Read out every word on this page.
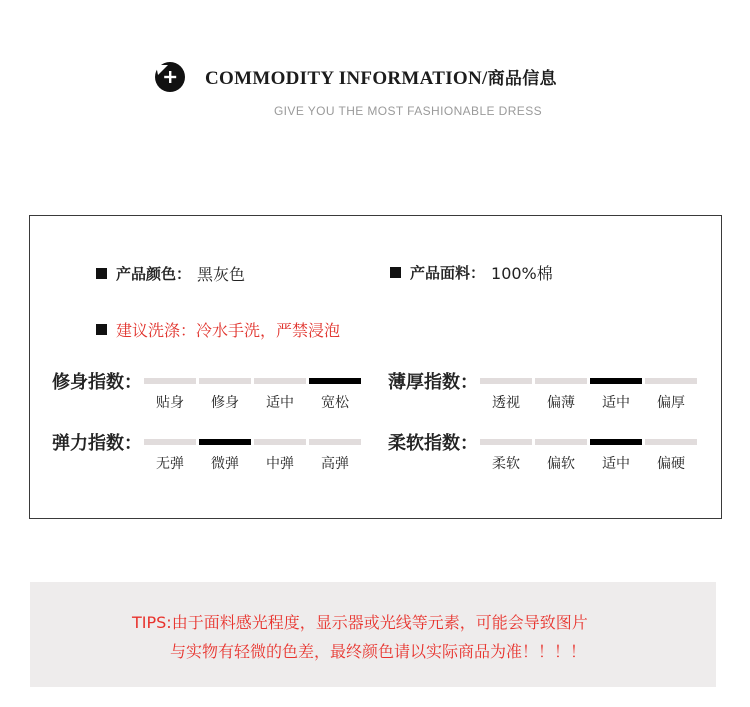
COMMODITY INFORMATION/商品信息
GIVE YOU THE MOST FASHIONABLE DRESS
产品颜色： 黑灰色	产品面料： 100%棉
建议洗涤：冷水手洗，严禁浸泡
修身指数：
贴身	修身	适中	宽松
薄厚指数：
透视	偏薄	适中	偏厚
弹力指数：
无弹	微弹	中弹	高弹
柔软指数：
柔软	偏软	适中	偏硬
TIPS:由于面料感光程度，显示器或光线等元素，可能会导致图片
与实物有轻微的色差，最终颜色请以实际商品为准！！！！
